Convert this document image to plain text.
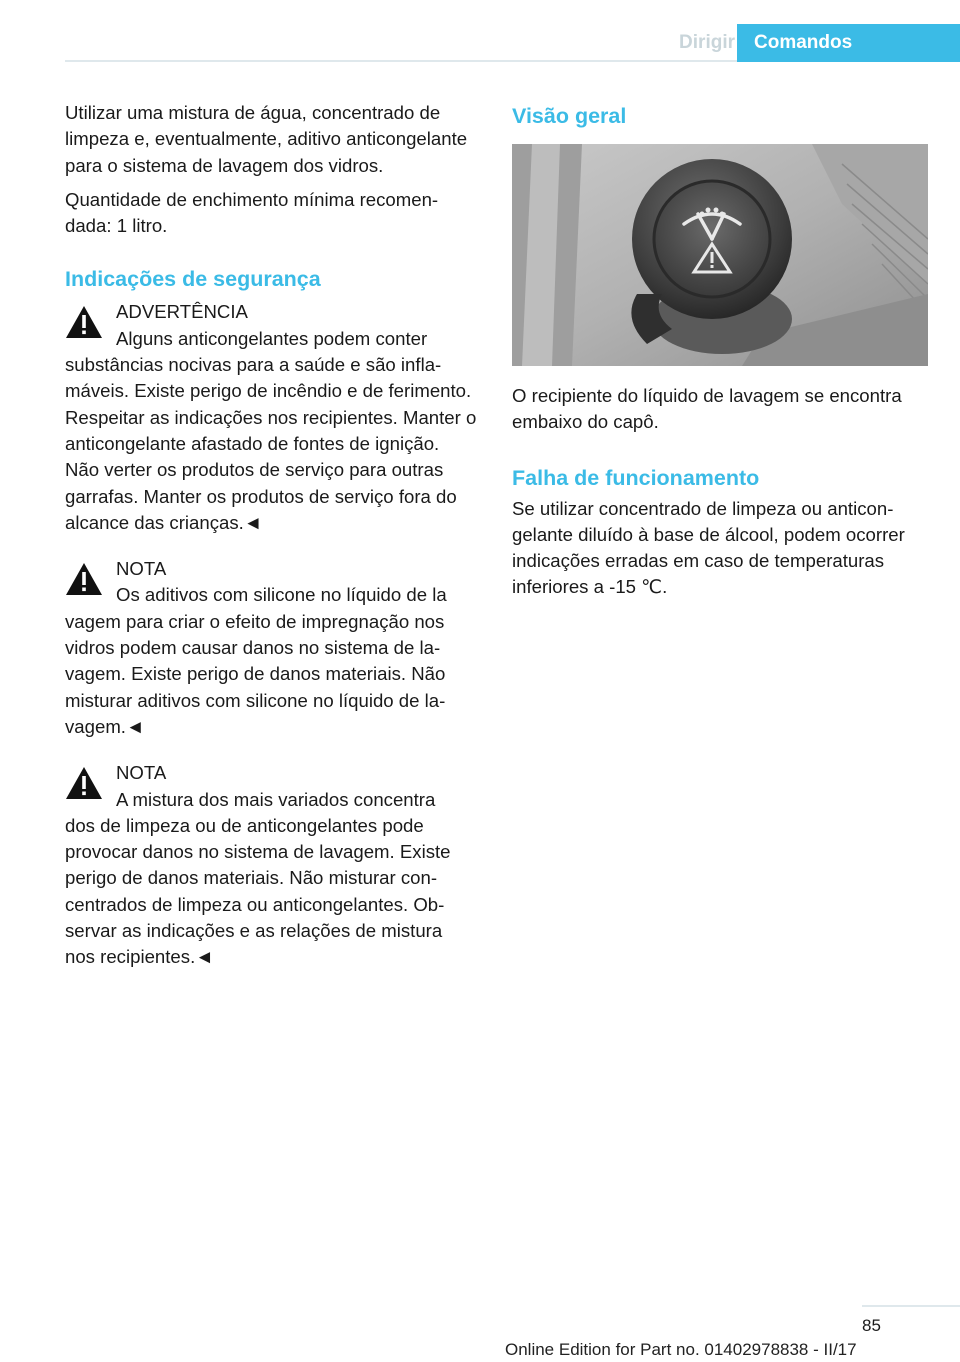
Dirigir	Comandos

Utilizar uma mistura de água, concentrado de limpeza e, eventualmente, aditivo anticongelante para o sistema de lavagem dos vidros.

Quantidade de enchimento mínima recomendada: 1 litro.

Indicações de segurança

ADVERTÊNCIA

Alguns anticongelantes podem conter

substâncias nocivas para a saúde e são inflamáveis. Existe perigo de incêndio e de ferimento. Respeitar as indicações nos recipientes. Manter o anticongelante afastado de fontes de ignição. Não verter os produtos de serviço para outras garrafas. Manter os produtos de serviço fora do alcance das crianças.◄

NOTA

Os aditivos com silicone no líquido de la

vagem para criar o efeito de impregnação nos vidros podem causar danos no sistema de lavagem. Existe perigo de danos materiais. Não misturar aditivos com silicone no líquido de lavagem.◄

NOTA

A mistura dos mais variados concentra

dos de limpeza ou de anticongelantes pode provocar danos no sistema de lavagem. Existe perigo de danos materiais. Não misturar concentrados de limpeza ou anticongelantes. Observar as indicações e as relações de mistura nos recipientes.◄

Visão geral

O recipiente do líquido de lavagem se encontra embaixo do capô.

Falha de funcionamento

Se utilizar concentrado de limpeza ou anticongelante diluído à base de álcool, podem ocorrer indicações erradas em caso de temperaturas inferiores a ‑15 ℃.

85
Online Edition for Part no. 01402978838 - II/17
